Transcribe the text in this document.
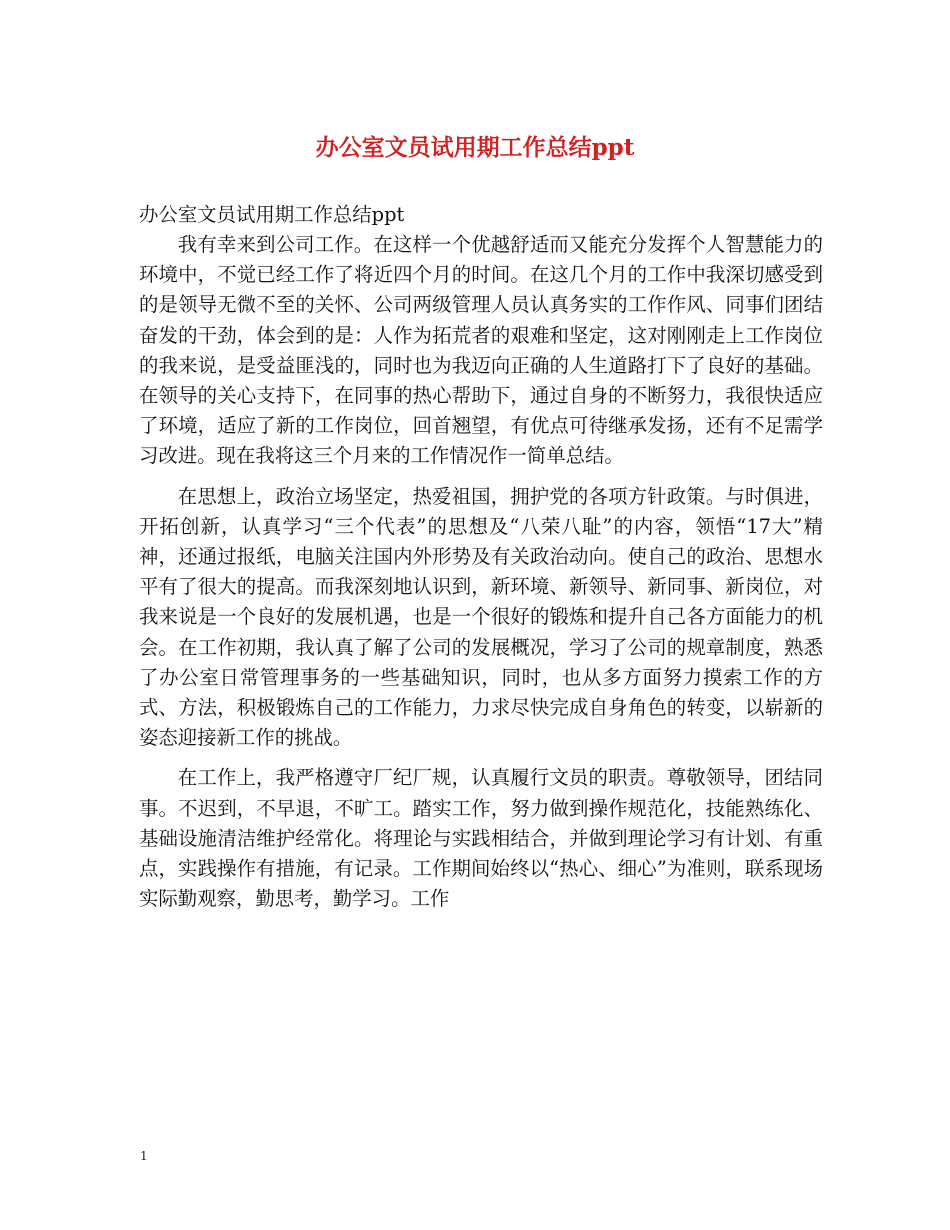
办公室文员试用期工作总结ppt
办公室文员试用期工作总结ppt

我有幸来到公司工作。在这样一个优越舒适而又能充分发挥个人智慧能力的环境中，不觉已经工作了将近四个月的时间。在这几个月的工作中我深切感受到的是领导无微不至的关怀、公司两级管理人员认真务实的工作作风、同事们团结奋发的干劲，体会到的是：人作为拓荒者的艰难和坚定，这对刚刚走上工作岗位的我来说，是受益匪浅的，同时也为我迈向正确的人生道路打下了良好的基础。在领导的关心支持下，在同事的热心帮助下，通过自身的不断努力，我很快适应了环境，适应了新的工作岗位，回首翘望，有优点可待继承发扬，还有不足需学习改进。现在我将这三个月来的工作情况作一简单总结。

在思想上，政治立场坚定，热爱祖国，拥护党的各项方针政策。与时俱进，开拓创新，认真学习“三个代表”的思想及“八荣八耻”的内容，领悟“17大”精神，还通过报纸，电脑关注国内外形势及有关政治动向。使自己的政治、思想水平有了很大的提高。而我深刻地认识到，新环境、新领导、新同事、新岗位，对我来说是一个良好的发展机遇，也是一个很好的锻炼和提升自己各方面能力的机会。在工作初期，我认真了解了公司的发展概况，学习了公司的规章制度，熟悉了办公室日常管理事务的一些基础知识，同时，也从多方面努力摸索工作的方式、方法，积极锻炼自己的工作能力，力求尽快完成自身角色的转变，以崭新的姿态迎接新工作的挑战。

在工作上，我严格遵守厂纪厂规，认真履行文员的职责。尊敬领导，团结同事。不迟到，不早退，不旷工。踏实工作，努力做到操作规范化，技能熟练化、基础设施清洁维护经常化。将理论与实践相结合，并做到理论学习有计划、有重点，实践操作有措施，有记录。工作期间始终以“热心、细心”为准则，联系现场实际勤观察，勤思考，勤学习。工作

1
